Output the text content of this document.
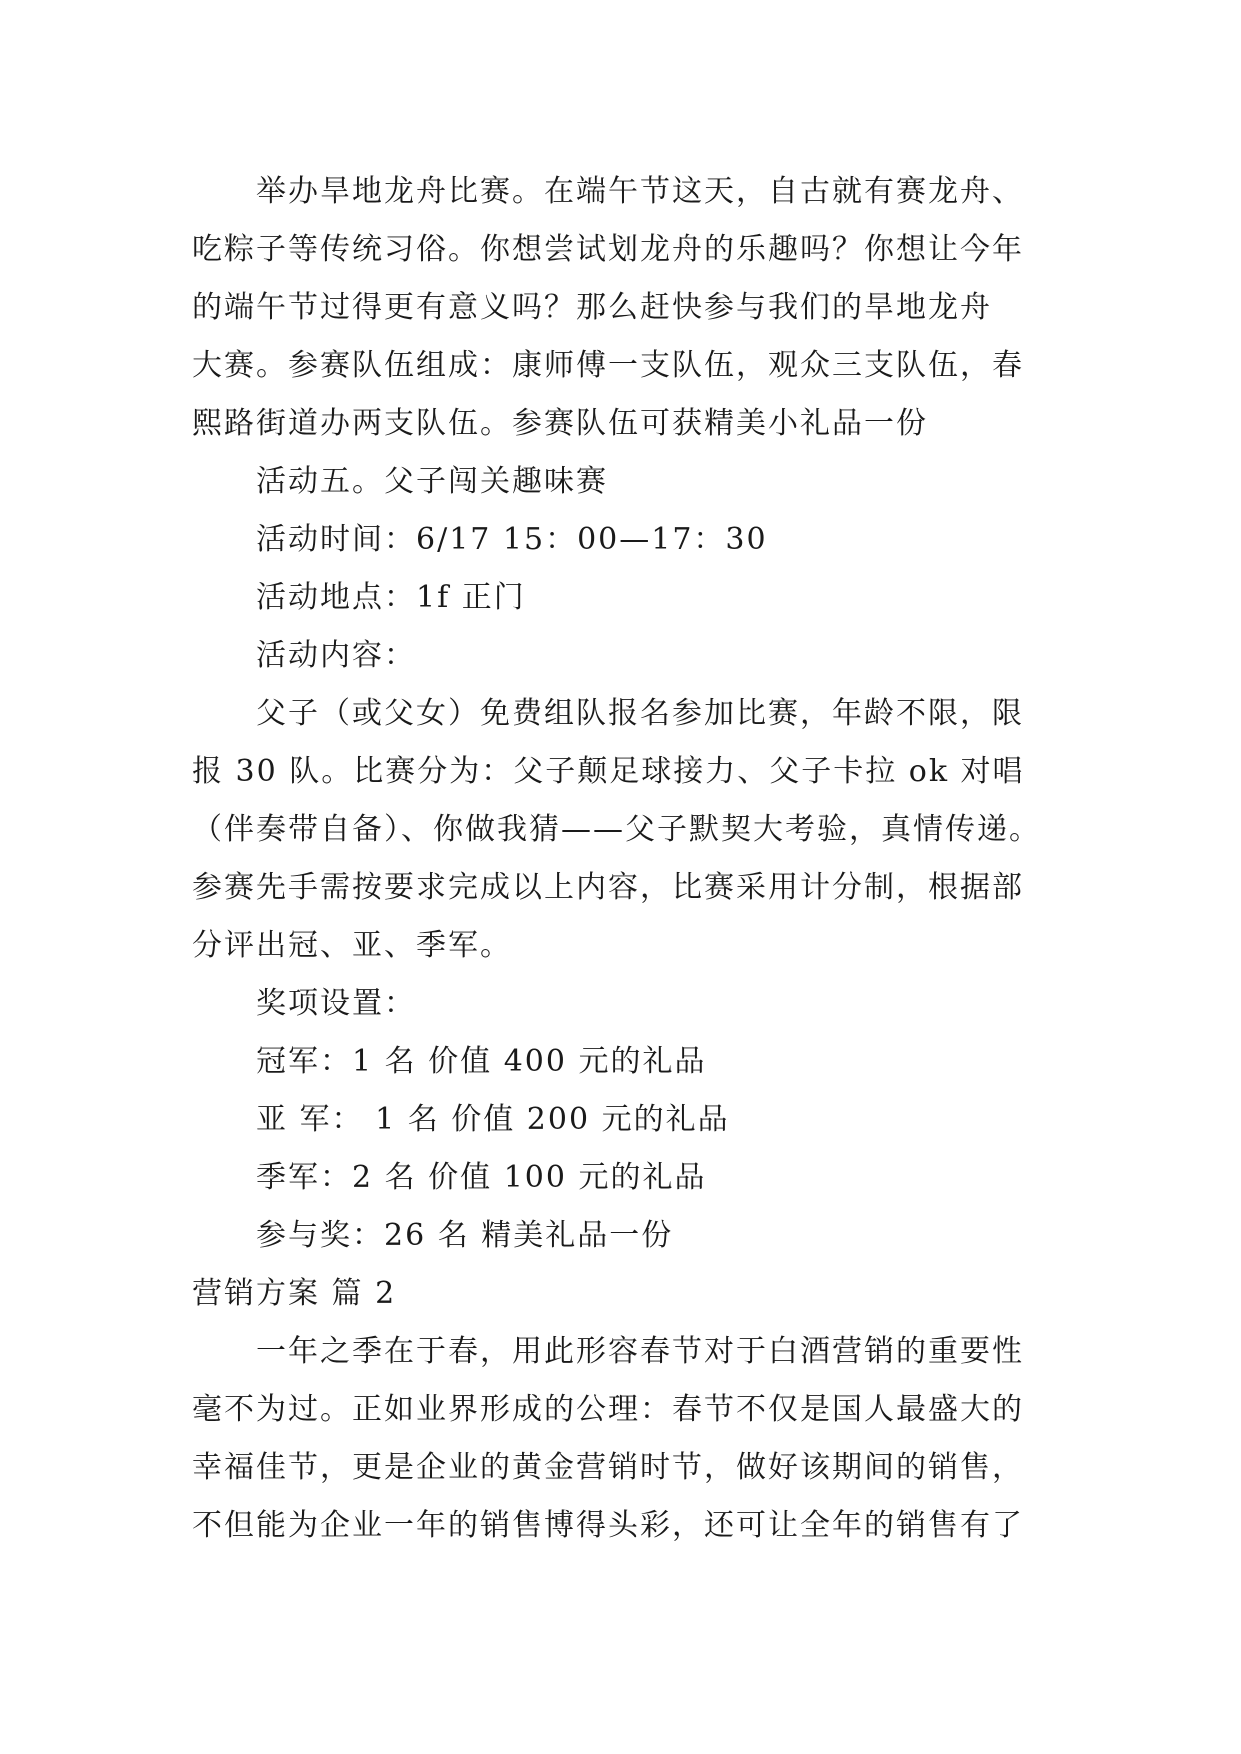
举办旱地龙舟比赛。在端午节这天，自古就有赛龙舟、
吃粽子等传统习俗。你想尝试划龙舟的乐趣吗？你想让今年
的端午节过得更有意义吗？那么赶快参与我们的旱地龙舟
大赛。参赛队伍组成：康师傅一支队伍，观众三支队伍，春
熙路街道办两支队伍。参赛队伍可获精美小礼品一份
活动五。父子闯关趣味赛
活动时间：6/17 15：00—17：30
活动地点：1f 正门
活动内容：
父子（或父女）免费组队报名参加比赛，年龄不限，限
报 30 队。比赛分为：父子颠足球接力、父子卡拉 ok 对唱
（伴奏带自备）、你做我猜——父子默契大考验，真情传递。
参赛先手需按要求完成以上内容，比赛采用计分制，根据部
分评出冠、亚、季军。
奖项设置：
冠军：1 名 价值 400 元的礼品
亚 军： 1 名 价值 200 元的礼品
季军：2 名 价值 100 元的礼品
参与奖：26 名 精美礼品一份
营销方案 篇 2
一年之季在于春，用此形容春节对于白酒营销的重要性
毫不为过。正如业界形成的公理：春节不仅是国人最盛大的
幸福佳节，更是企业的黄金营销时节，做好该期间的销售，
不但能为企业一年的销售博得头彩，还可让全年的销售有了
